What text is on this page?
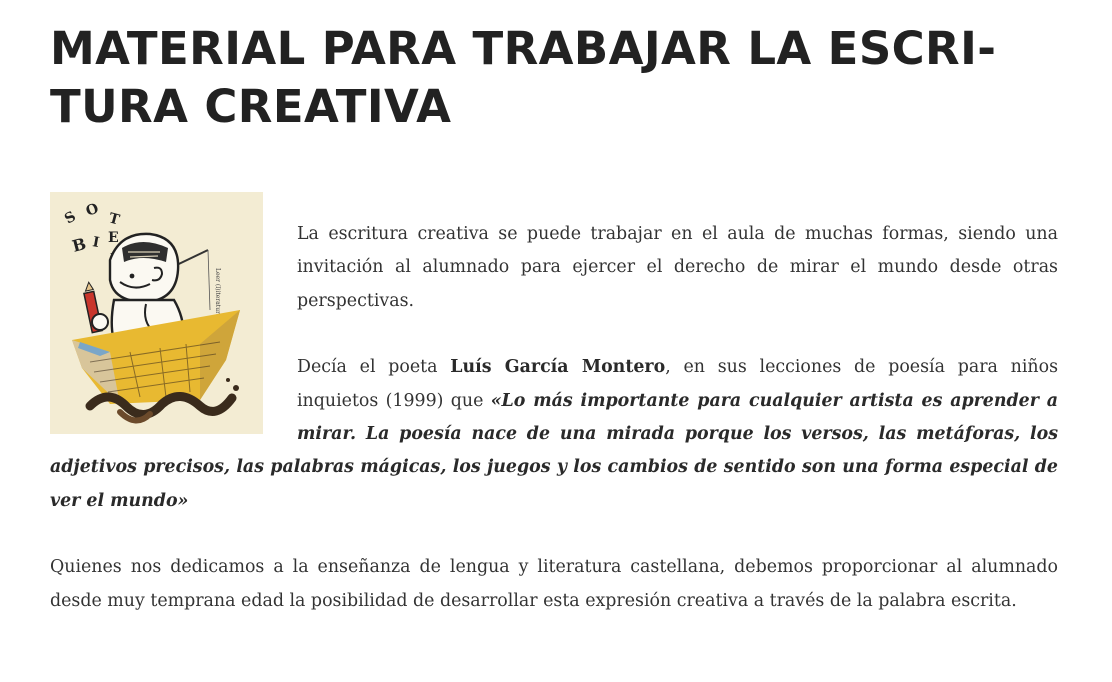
MATERIAL PARA TRABAJAR LA ESCRI-
TURA CREATIVA
S O T
B I E
Leer (l)iteratura

La escritura creativa se puede trabajar en el aula de muchas formas, siendo una invitación al alumnado para ejercer el derecho de mirar el mundo desde otras perspectivas.

Decía el poeta Luís García Montero, en sus lecciones de poesía para niños inquietos (1999) que «Lo más importante para cualquier artista es aprender a mirar. La poesía nace de una mirada porque los versos, las metáforas, los adjetivos precisos, las palabras mágicas, los juegos y los cambios de sentido son una forma especial de ver el mundo»

Quienes nos dedicamos a la enseñanza de lengua y literatura castellana, debemos proporcionar al alumnado desde muy temprana edad la posibilidad de desarrollar esta expresión creativa a través de la palabra escrita.
